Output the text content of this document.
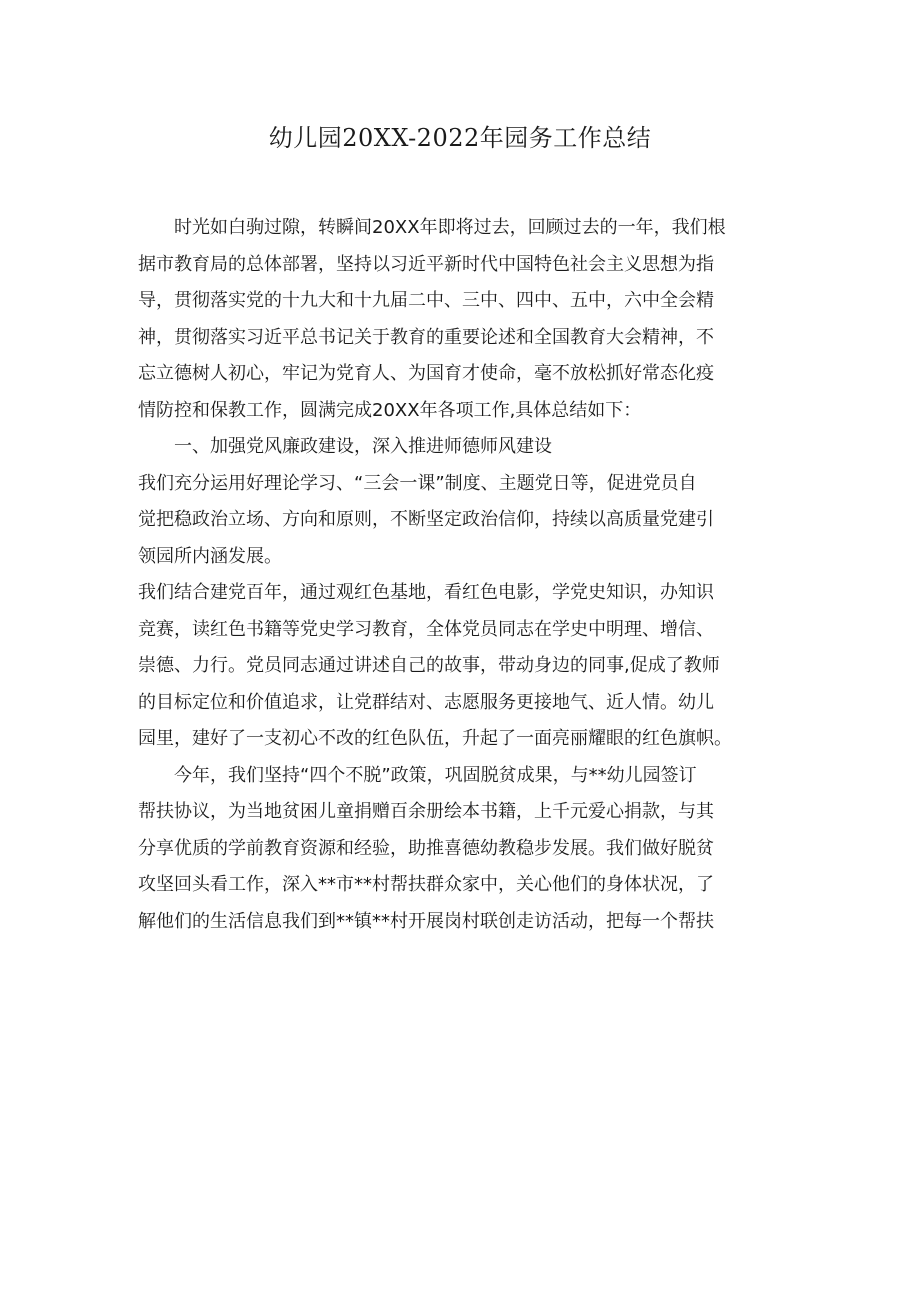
幼儿园20XX-2022年园务工作总结
时光如白驹过隙，转瞬间20XX年即将过去，回顾过去的一年，我们根
据市教育局的总体部署，坚持以习近平新时代中国特色社会主义思想为指
导，贯彻落实党的十九大和十九届二中、三中、四中、五中，六中全会精
神，贯彻落实习近平总书记关于教育的重要论述和全国教育大会精神，不
忘立德树人初心，牢记为党育人、为国育才使命，毫不放松抓好常态化疫
情防控和保教工作，圆满完成20XX年各项工作,具体总结如下：
一、加强党风廉政建设，深入推进师德师风建设
我们充分运用好理论学习、“三会一课”制度、主题党日等，促进党员自
觉把稳政治立场、方向和原则，不断坚定政治信仰，持续以高质量党建引
领园所内涵发展。
我们结合建党百年，通过观红色基地，看红色电影，学党史知识，办知识
竞赛，读红色书籍等党史学习教育，全体党员同志在学史中明理、增信、
崇德、力行。党员同志通过讲述自己的故事，带动身边的同事,促成了教师
的目标定位和价值追求，让党群结对、志愿服务更接地气、近人情。幼儿
园里，建好了一支初心不改的红色队伍，升起了一面亮丽耀眼的红色旗帜。
今年，我们坚持“四个不脱”政策，巩固脱贫成果，与**幼儿园签订
帮扶协议，为当地贫困儿童捐赠百余册绘本书籍，上千元爱心捐款，与其
分享优质的学前教育资源和经验，助推喜德幼教稳步发展。我们做好脱贫
攻坚回头看工作，深入**市**村帮扶群众家中，关心他们的身体状况，了
解他们的生活信息我们到**镇**村开展岗村联创走访活动，把每一个帮扶
